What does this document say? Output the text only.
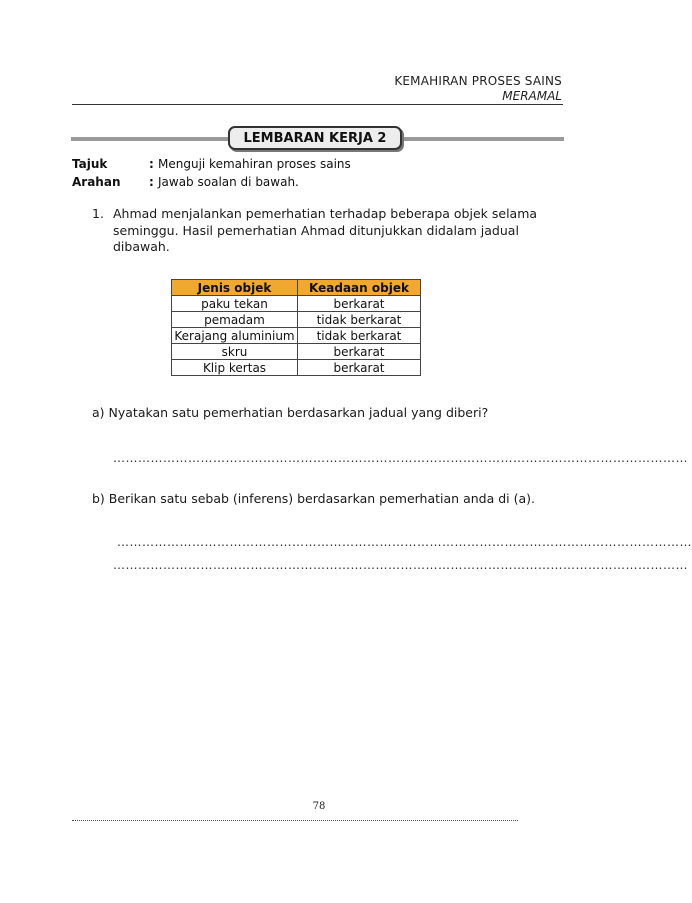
KEMAHIRAN PROSES SAINS
MERAMAL
LEMBARAN KERJA 2
Tajuk	: Menguji kemahiran proses sains
Arahan : Jawab soalan di bawah.
1. Ahmad menjalankan pemerhatian terhadap beberapa objek selama seminggu. Hasil pemerhatian Ahmad ditunjukkan didalam jadual dibawah.
Jenis objek	Keadaan objek
paku tekan	berkarat
pemadam	tidak berkarat
Kerajang aluminium	tidak berkarat
skru	berkarat
Klip kertas	berkarat
a) Nyatakan satu pemerhatian berdasarkan jadual yang diberi?
…………………………………………………………………………………………………………………………
b) Berikan satu sebab (inferens) berdasarkan pemerhatian anda di (a).
…………………………………………………………………………………………………………………………
…………………………………………………………………………………………………………………………
78
